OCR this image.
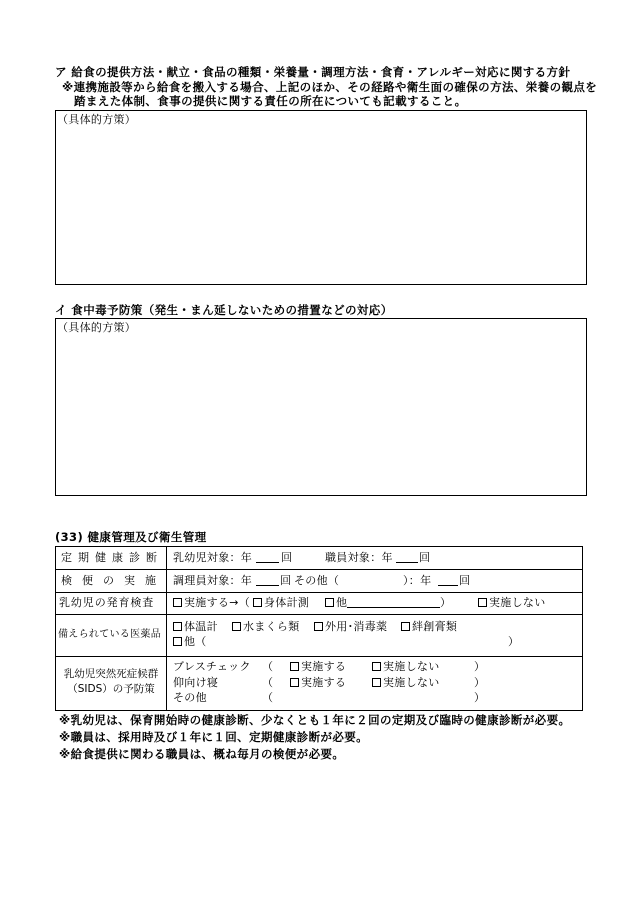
ア 給食の提供方法・献立・食品の種類・栄養量・調理方法・食育・アレルギー対応に関する方針
※連携施設等から給食を搬入する場合、上記のほか、その経路や衛生面の確保の方法、栄養の観点を
踏まえた体制、食事の提供に関する責任の所在についても記載すること。
（具体的方策）
イ 食中毒予防策（発生・まん延しないための措置などの対応）
（具体的方策）
(33) 健康管理及び衛生管理
定期健康診断 乳幼児対象：年	回	職員対象：年 回
検便の実施 調理員対象：年	回 その他（	）：年	回
乳幼児の発育検査	実施する→（ 身体計測 他	）	実施しない
備えられている医薬品
体温計 水まくら類 外用･消毒薬 絆創膏類
他（	）
乳幼児突然死症候群
（SIDS）の予防策
ブレスチェック （	実施する	実施しない	）
仰向け寝	（	実施する	実施しない	）
その他	（	）
※乳幼児は、保育開始時の健康診断、少なくとも１年に２回の定期及び臨時の健康診断が必要。
※職員は、採用時及び１年に１回、定期健康診断が必要。
※給食提供に関わる職員は、概ね毎月の検便が必要。
